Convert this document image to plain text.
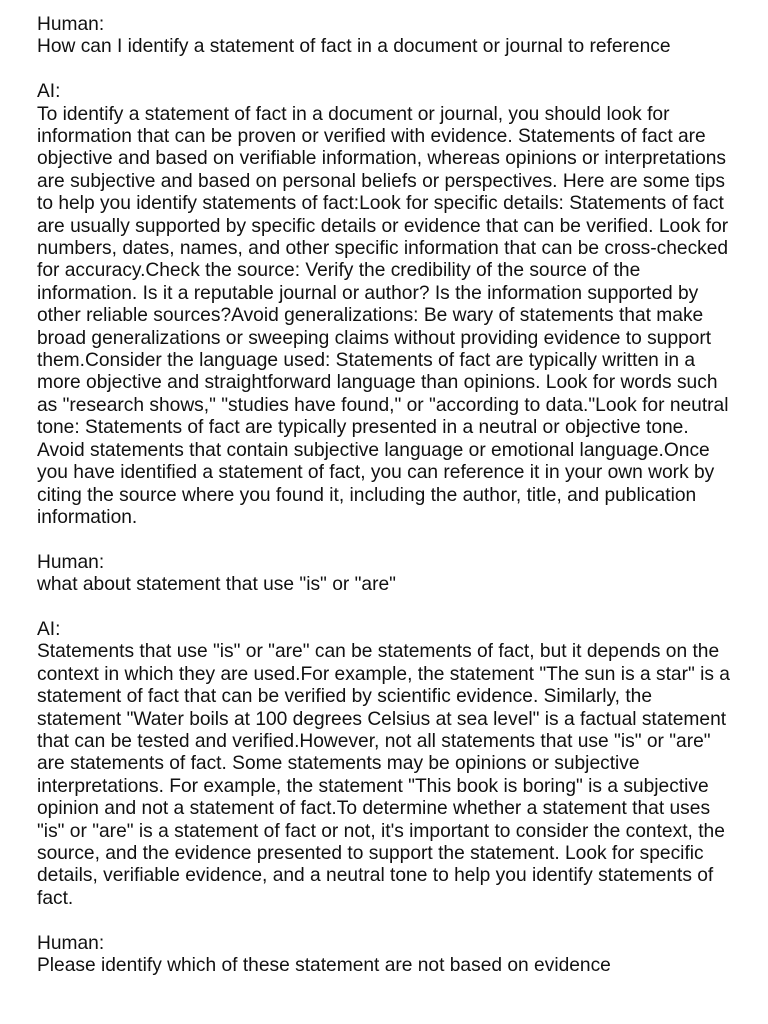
Human:
How can I identify a statement of fact in a document or journal to reference
AI:
To identify a statement of fact in a document or journal, you should look for information that can be proven or verified with evidence. Statements of fact are objective and based on verifiable information, whereas opinions or interpretations are subjective and based on personal beliefs or perspectives. Here are some tips to help you identify statements of fact:Look for specific details: Statements of fact are usually supported by specific details or evidence that can be verified. Look for numbers, dates, names, and other specific information that can be cross-checked for accuracy.Check the source: Verify the credibility of the source of the information. Is it a reputable journal or author? Is the information supported by other reliable sources?Avoid generalizations: Be wary of statements that make broad generalizations or sweeping claims without providing evidence to support them.Consider the language used: Statements of fact are typically written in a more objective and straightforward language than opinions. Look for words such as "research shows," "studies have found," or "according to data."Look for neutral tone: Statements of fact are typically presented in a neutral or objective tone. Avoid statements that contain subjective language or emotional language.Once you have identified a statement of fact, you can reference it in your own work by citing the source where you found it, including the author, title, and publication information.
Human:
what about statement that use "is" or "are"
AI:
Statements that use "is" or "are" can be statements of fact, but it depends on the context in which they are used.For example, the statement "The sun is a star" is a statement of fact that can be verified by scientific evidence. Similarly, the statement "Water boils at 100 degrees Celsius at sea level" is a factual statement that can be tested and verified.However, not all statements that use "is" or "are" are statements of fact. Some statements may be opinions or subjective interpretations. For example, the statement "This book is boring" is a subjective opinion and not a statement of fact.To determine whether a statement that uses "is" or "are" is a statement of fact or not, it's important to consider the context, the source, and the evidence presented to support the statement. Look for specific details, verifiable evidence, and a neutral tone to help you identify statements of fact.
Human:
Please identify which of these statement are not based on evidence
